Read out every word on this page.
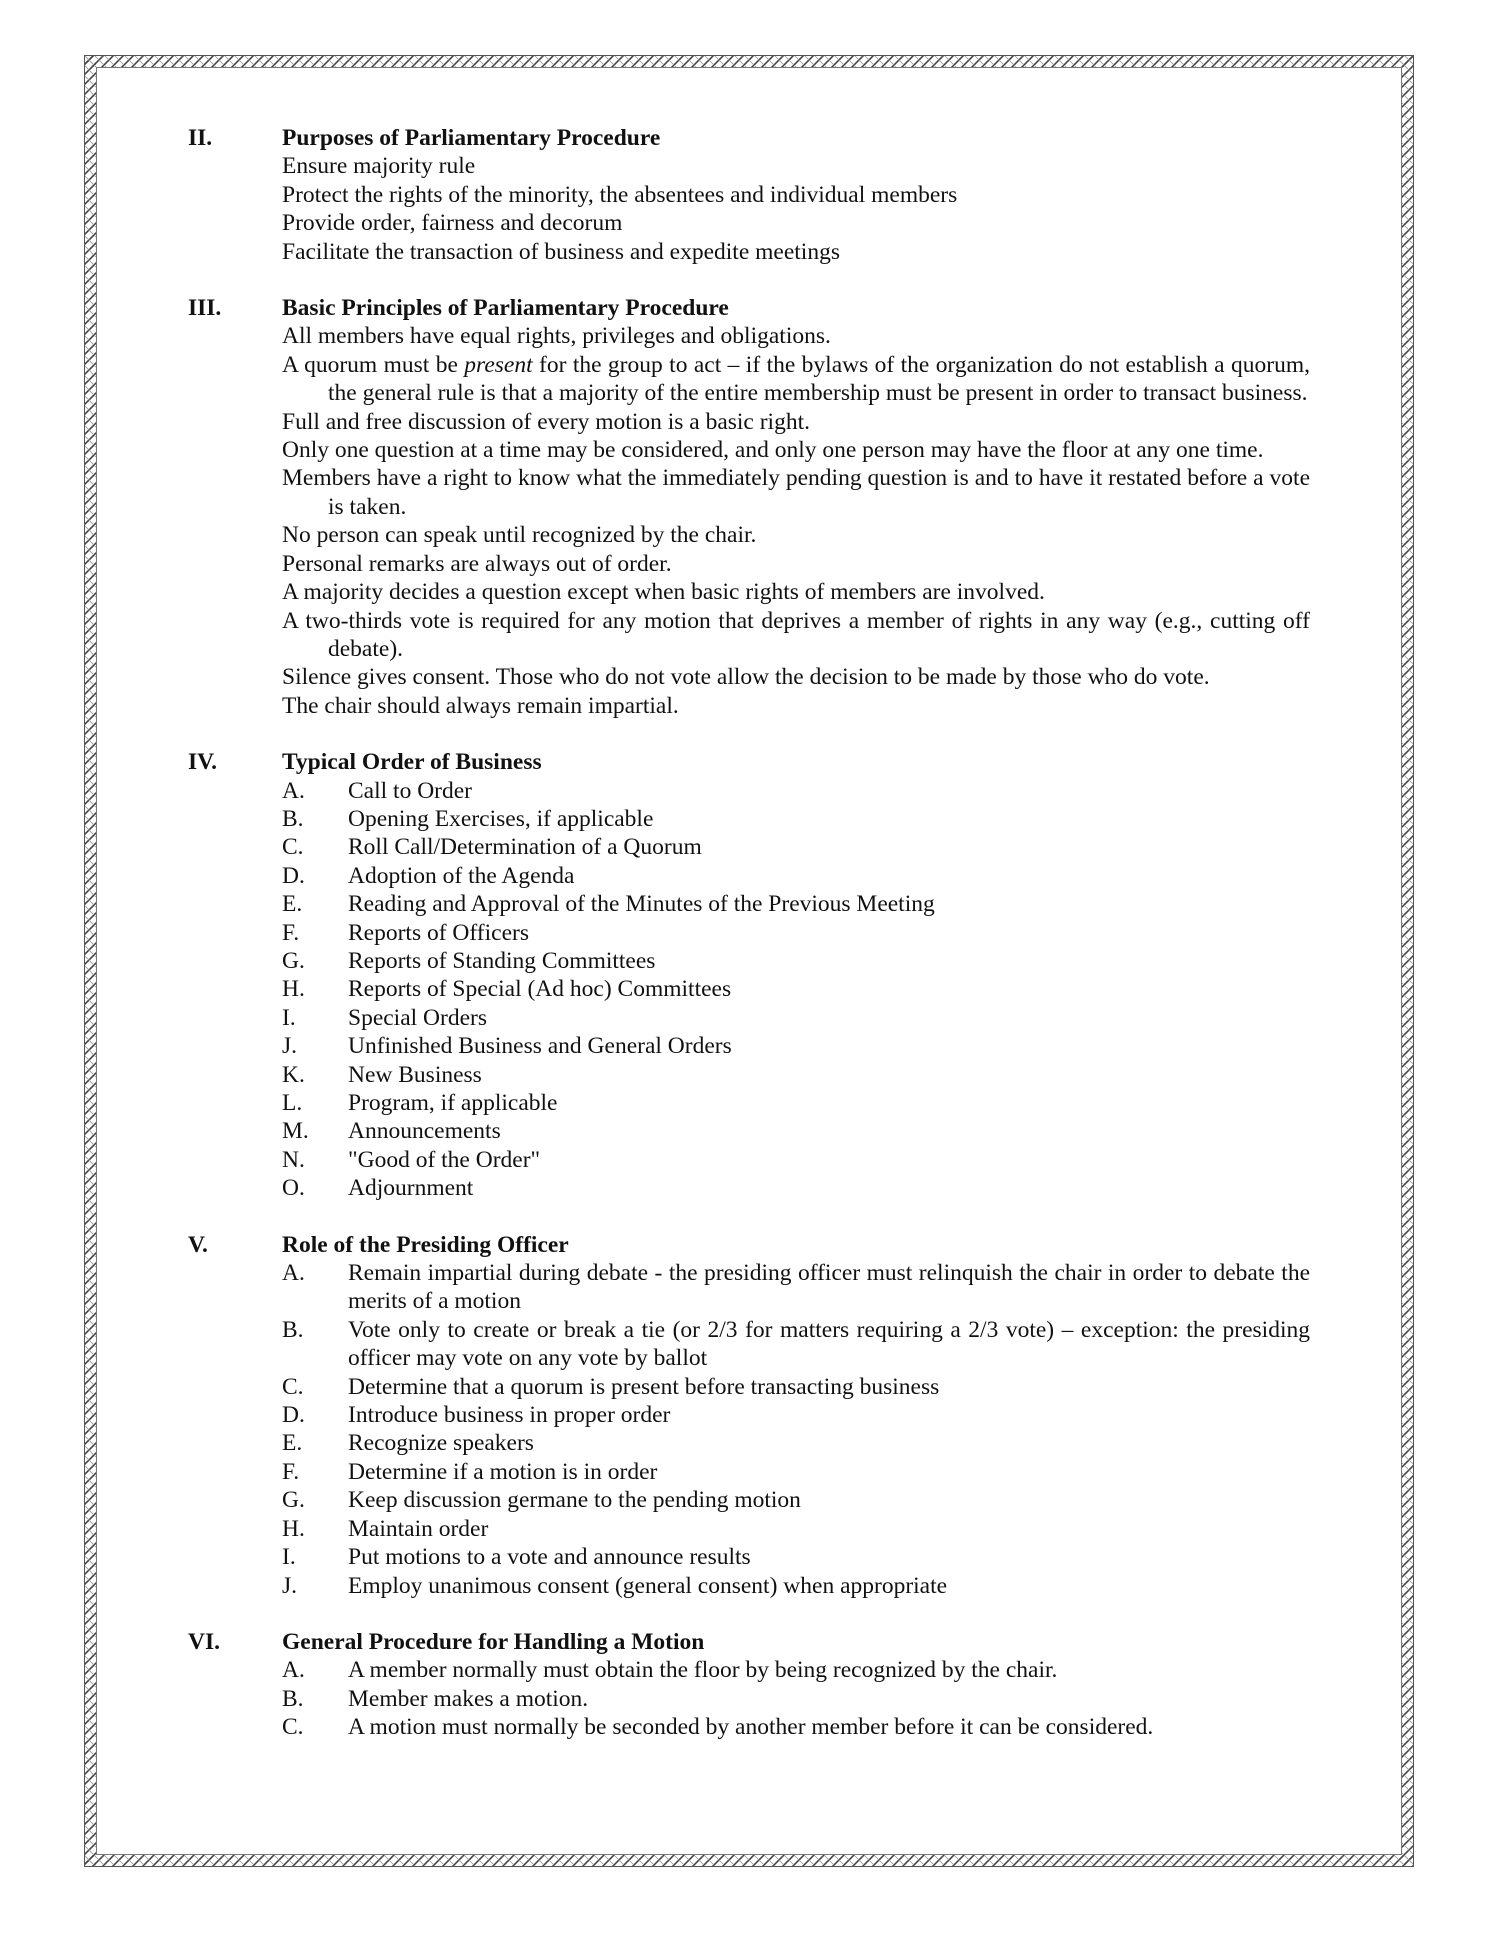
II.	Purposes of Parliamentary Procedure
Ensure majority rule
Protect the rights of the minority, the absentees and individual members
Provide order, fairness and decorum
Facilitate the transaction of business and expedite meetings
III.	Basic Principles of Parliamentary Procedure
All members have equal rights, privileges and obligations.
A quorum must be present for the group to act – if the bylaws of the organization do not establish a quorum, the general rule is that a majority of the entire membership must be present in order to transact business.
Full and free discussion of every motion is a basic right.
Only one question at a time may be considered, and only one person may have the floor at any one time.
Members have a right to know what the immediately pending question is and to have it restated before a vote is taken.
No person can speak until recognized by the chair.
Personal remarks are always out of order.
A majority decides a question except when basic rights of members are involved.
A two-thirds vote is required for any motion that deprives a member of rights in any way (e.g., cutting off debate).
Silence gives consent. Those who do not vote allow the decision to be made by those who do vote.
The chair should always remain impartial.
IV.	Typical Order of Business
A. Call to Order
B. Opening Exercises, if applicable
C. Roll Call/Determination of a Quorum
D. Adoption of the Agenda
E. Reading and Approval of the Minutes of the Previous Meeting
F. Reports of Officers
G. Reports of Standing Committees
H. Reports of Special (Ad hoc) Committees
I. Special Orders
J. Unfinished Business and General Orders
K. New Business
L. Program, if applicable
M. Announcements
N. "Good of the Order"
O. Adjournment
V.	Role of the Presiding Officer
A. Remain impartial during debate - the presiding officer must relinquish the chair in order to debate the merits of a motion
B. Vote only to create or break a tie (or 2/3 for matters requiring a 2/3 vote) – exception: the presiding officer may vote on any vote by ballot
C. Determine that a quorum is present before transacting business
D. Introduce business in proper order
E. Recognize speakers
F. Determine if a motion is in order
G. Keep discussion germane to the pending motion
H. Maintain order
I. Put motions to a vote and announce results
J. Employ unanimous consent (general consent) when appropriate
VI.	General Procedure for Handling a Motion
A. A member normally must obtain the floor by being recognized by the chair.
B. Member makes a motion.
C. A motion must normally be seconded by another member before it can be considered.
